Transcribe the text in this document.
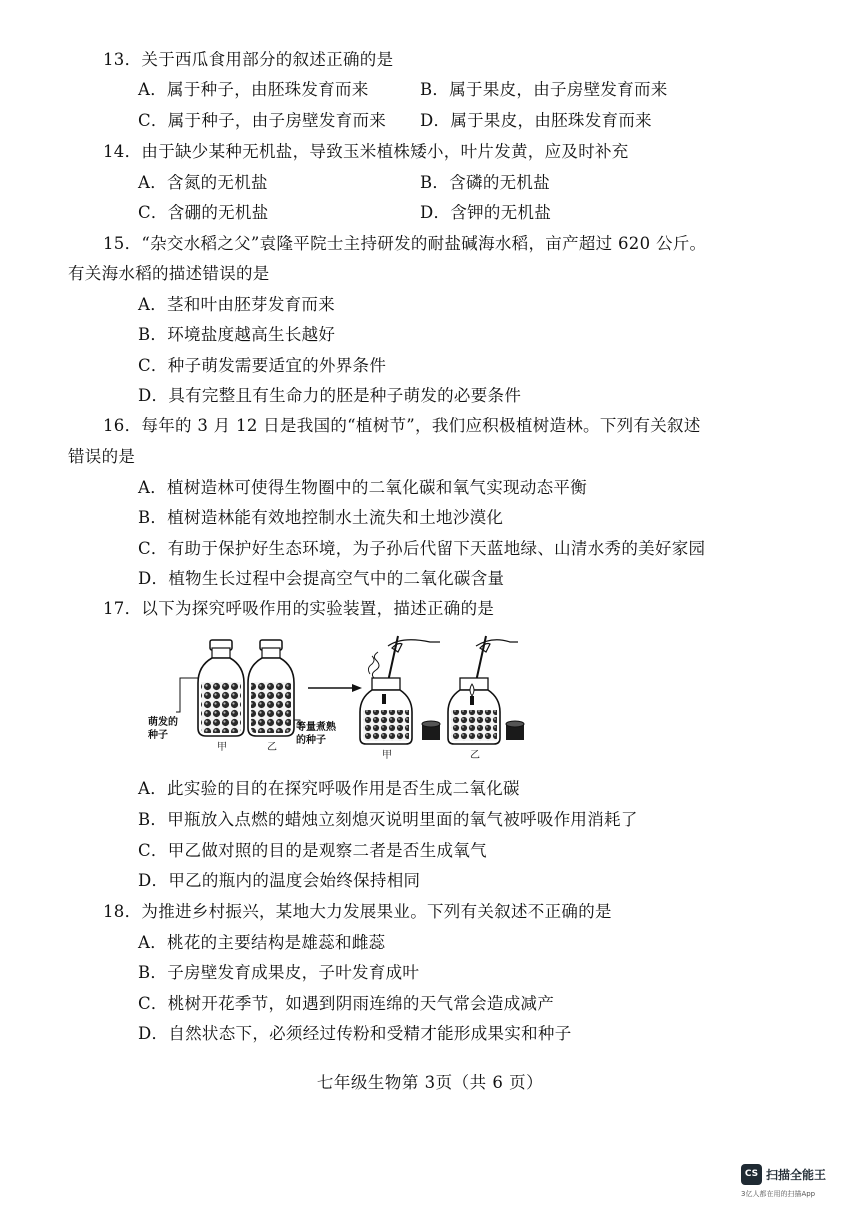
13．关于西瓜食用部分的叙述正确的是
A．属于种子，由胚珠发育而来	B．属于果皮，由子房壁发育而来
C．属于种子，由子房壁发育而来 D．属于果皮，由胚珠发育而来
14．由于缺少某种无机盐，导致玉米植株矮小，叶片发黄，应及时补充
A．含氮的无机盐	B．含磷的无机盐
C．含硼的无机盐	D．含钾的无机盐
15．“杂交水稻之父”袁隆平院士主持研发的耐盐碱海水稻，亩产超过 620 公斤。
有关海水稻的描述错误的是
A．茎和叶由胚芽发育而来
B．环境盐度越高生长越好
C．种子萌发需要适宜的外界条件
D．具有完整且有生命力的胚是种子萌发的必要条件
16．每年的 3 月 12 日是我国的“植树节”，我们应积极植树造林。下列有关叙述
错误的是
A．植树造林可使得生物圈中的二氧化碳和氧气实现动态平衡
B．植树造林能有效地控制水土流失和土地沙漠化
C．有助于保护好生态环境，为子孙后代留下天蓝地绿、山清水秀的美好家园
D．植物生长过程中会提高空气中的二氧化碳含量
17．以下为探究呼吸作用的实验装置，描述正确的是
萌发的
种子
等量煮熟
的种子
甲	乙
甲	乙
A．此实验的目的在探究呼吸作用是否生成二氧化碳
B．甲瓶放入点燃的蜡烛立刻熄灭说明里面的氧气被呼吸作用消耗了
C．甲乙做对照的目的是观察二者是否生成氧气
D．甲乙的瓶内的温度会始终保持相同
18．为推进乡村振兴，某地大力发展果业。下列有关叙述不正确的是
A．桃花的主要结构是雄蕊和雌蕊
B．子房壁发育成果皮，子叶发育成叶
C．桃树开花季节，如遇到阴雨连绵的天气常会造成减产
D．自然状态下，必须经过传粉和受精才能形成果实和种子
七年级生物第 3页（共 6 页）
CS 扫描全能王
3亿人都在用的扫描App
